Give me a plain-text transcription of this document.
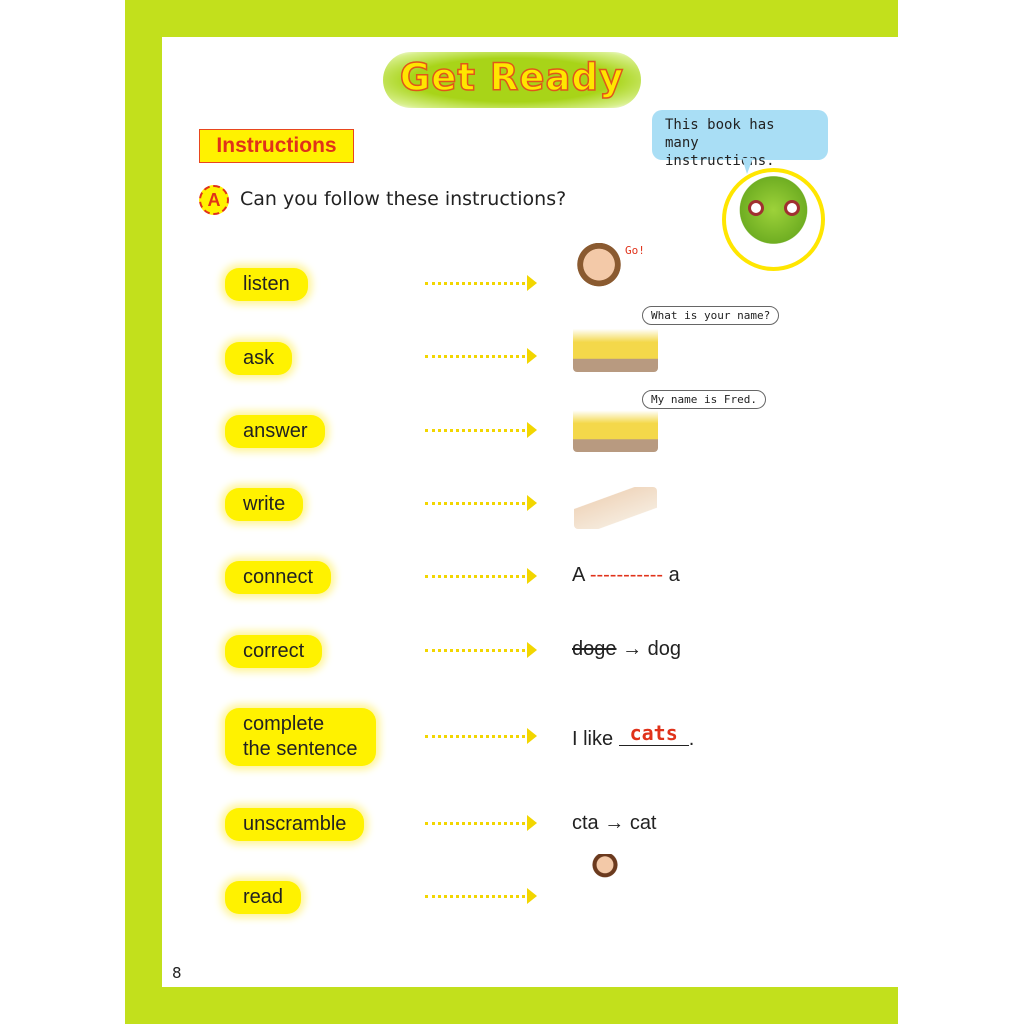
Get Ready
Instructions
A	Can you follow these instructions?
This book has many instructions.
listen
Go!
ask
What is your name?
answer
My name is Fred.
write
connect	A ----------- a
correct	doge → dog
complete
the sentence	I like cats .
unscramble	cta → cat
read
8
